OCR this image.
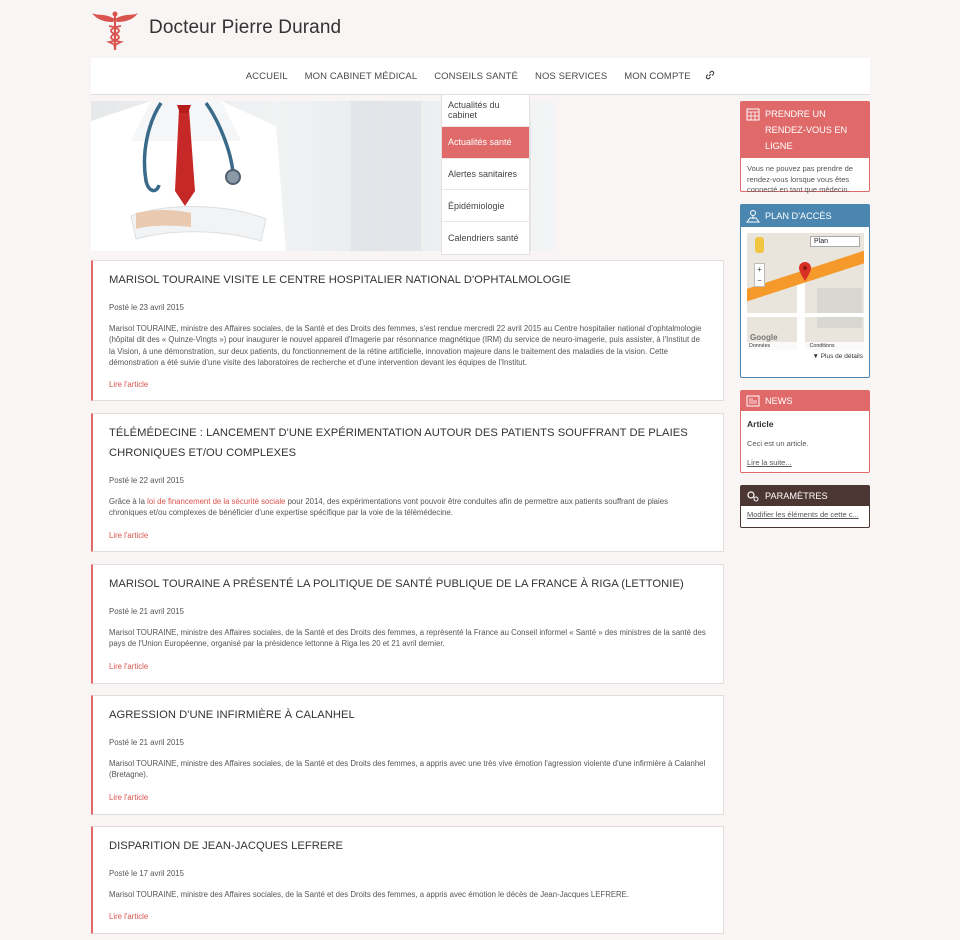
Docteur Pierre Durand
ACCUEIL	MON CABINET MÉDICAL	CONSEILS SANTÉ	NOS SERVICES	MON COMPTE
Actualités du cabinet
Actualités santé
Alertes sanitaires
Épidémiologie
Calendriers santé
MARISOL TOURAINE VISITE LE CENTRE HOSPITALIER NATIONAL D'OPHTALMOLOGIE
Posté le 23 avril 2015
Marisol TOURAINE, ministre des Affaires sociales, de la Santé et des Droits des femmes, s'est rendue mercredi 22 avril 2015 au Centre hospitalier national d'ophtalmologie (hôpital dit des « Quinze-Vingts ») pour inaugurer le nouvel appareil d'Imagerie par résonnance magnétique (IRM) du service de neuro-imagerie, puis assister, à l'Institut de la Vision, à une démonstration, sur deux patients, du fonctionnement de la rétine artificielle, innovation majeure dans le traitement des maladies de la vision. Cette démonstration a été suivie d'une visite des laboratoires de recherche et d'une intervention devant les équipes de l'Institut.
Lire l'article
TÉLÉMÉDECINE : LANCEMENT D'UNE EXPÉRIMENTATION AUTOUR DES PATIENTS SOUFFRANT DE PLAIES CHRONIQUES ET/OU COMPLEXES
Posté le 22 avril 2015
Grâce à la loi de financement de la sécurité sociale pour 2014, des expérimentations vont pouvoir être conduites afin de permettre aux patients souffrant de plaies chroniques et/ou complexes de bénéficier d'une expertise spécifique par la voie de la télémédecine.
Lire l'article
MARISOL TOURAINE A PRÉSENTÉ LA POLITIQUE DE SANTÉ PUBLIQUE DE LA FRANCE À RIGA (LETTONIE)
Posté le 21 avril 2015
Marisol TOURAINE, ministre des Affaires sociales, de la Santé et des Droits des femmes, a représenté la France au Conseil informel « Santé » des ministres de la santé des pays de l'Union Européenne, organisé par la présidence lettonne à Riga les 20 et 21 avril dernier.
Lire l'article
AGRESSION D'UNE INFIRMIÈRE À CALANHEL
Posté le 21 avril 2015
Marisol TOURAINE, ministre des Affaires sociales, de la Santé et des Droits des femmes, a appris avec une très vive émotion l'agression violente d'une infirmière à Calanhel (Bretagne).
Lire l'article
DISPARITION DE JEAN-JACQUES LEFRERE
Posté le 17 avril 2015
Marisol TOURAINE, ministre des Affaires sociales, de la Santé et des Droits des femmes, a appris avec émotion le décès de Jean-Jacques LEFRERE.
Lire l'article
PRENDRE UN RENDEZ-VOUS EN LIGNE
Vous ne pouvez pas prendre de rendez-vous lorsque vous êtes connecté en tant que médecin.
PLAN D'ACCÈS
Plan
+
−
Google
Données	Conditions
▼ Plus de détails
NEWS
Article
Ceci est un article.
Lire la suite...
PARAMÈTRES
Modifier les éléments de cette c...
